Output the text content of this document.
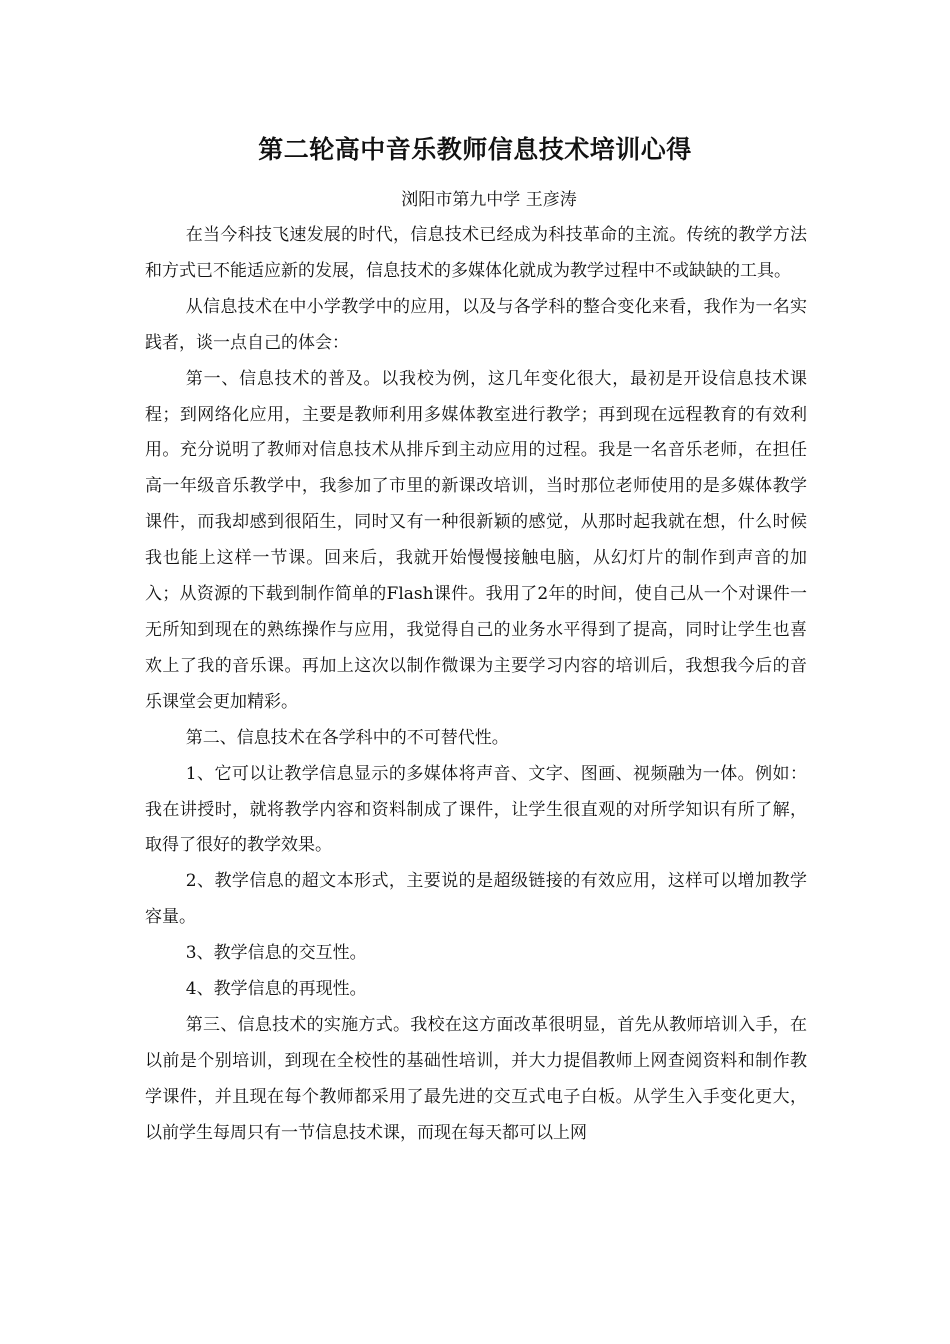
第二轮高中音乐教师信息技术培训心得
浏阳市第九中学 王彦涛

在当今科技飞速发展的时代，信息技术已经成为科技革命的主流。传统的教学方法和方式已不能适应新的发展，信息技术的多媒体化就成为教学过程中不或缺缺的工具。

从信息技术在中小学教学中的应用，以及与各学科的整合变化来看，我作为一名实践者，谈一点自己的体会：

第一、信息技术的普及。以我校为例，这几年变化很大，最初是开设信息技术课程；到网络化应用，主要是教师利用多媒体教室进行教学；再到现在远程教育的有效利用。充分说明了教师对信息技术从排斥到主动应用的过程。我是一名音乐老师，在担任高一年级音乐教学中，我参加了市里的新课改培训，当时那位老师使用的是多媒体教学课件，而我却感到很陌生，同时又有一种很新颖的感觉，从那时起我就在想，什么时候我也能上这样一节课。回来后，我就开始慢慢接触电脑，从幻灯片的制作到声音的加入；从资源的下载到制作简单的Flash课件。我用了2年的时间，使自己从一个对课件一无所知到现在的熟练操作与应用，我觉得自己的业务水平得到了提高，同时让学生也喜欢上了我的音乐课。再加上这次以制作微课为主要学习内容的培训后，我想我今后的音乐课堂会更加精彩。

第二、信息技术在各学科中的不可替代性。

1、它可以让教学信息显示的多媒体将声音、文字、图画、视频融为一体。例如：我在讲授时，就将教学内容和资料制成了课件，让学生很直观的对所学知识有所了解，取得了很好的教学效果。

2、教学信息的超文本形式，主要说的是超级链接的有效应用，这样可以增加教学容量。

3、教学信息的交互性。

4、教学信息的再现性。

第三、信息技术的实施方式。我校在这方面改革很明显，首先从教师培训入手，在以前是个别培训，到现在全校性的基础性培训，并大力提倡教师上网查阅资料和制作教学课件，并且现在每个教师都采用了最先进的交互式电子白板。从学生入手变化更大，以前学生每周只有一节信息技术课，而现在每天都可以上网
